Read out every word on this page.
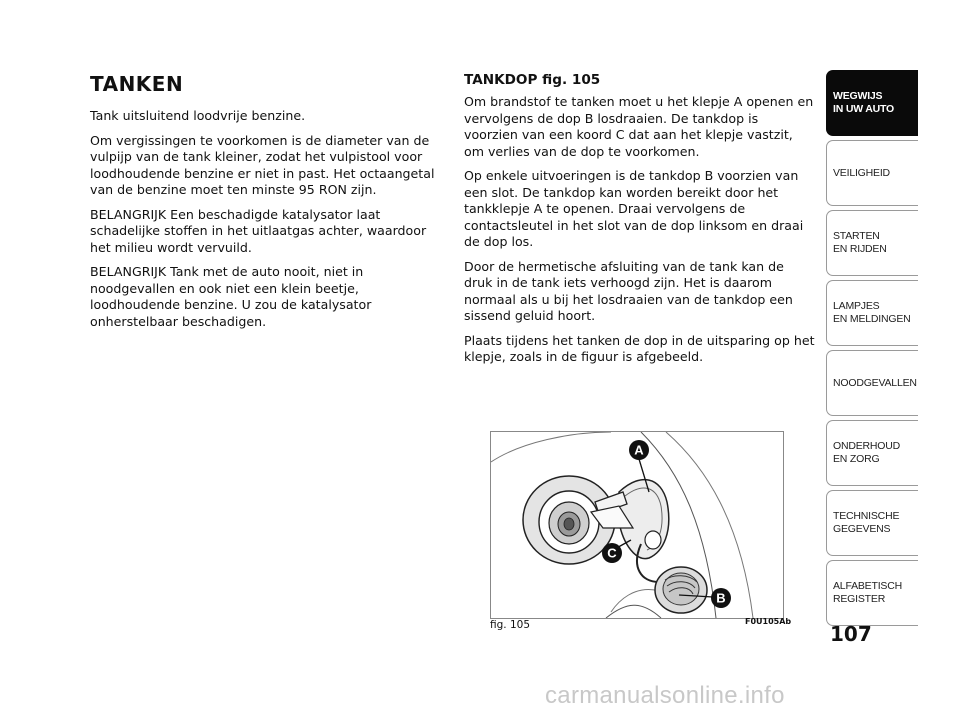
TANKEN

Tank uitsluitend loodvrije benzine.

Om vergissingen te voorkomen is de diameter van de vulpijp van de tank kleiner, zodat het vulpistool voor loodhoudende benzine er niet in past. Het octaangetal van de benzine moet ten minste 95 RON zijn.

BELANGRIJK Een beschadigde katalysator laat schadelijke stoffen in het uitlaatgas achter, waardoor het milieu wordt vervuild.

BELANGRIJK Tank met de auto nooit, niet in noodgevallen en ook niet een klein beetje, loodhoudende benzine. U zou de katalysator onherstelbaar beschadigen.

TANKDOP fig. 105

Om brandstof te tanken moet u het klepje A openen en vervolgens de dop B losdraaien. De tankdop is voorzien van een koord C dat aan het klepje vastzit, om verlies van de dop te voorkomen.

Op enkele uitvoeringen is de tankdop B voorzien van een slot. De tankdop kan worden bereikt door het tankklepje A te openen. Draai vervolgens de contactsleutel in het slot van de dop linksom en draai de dop los.

Door de hermetische afsluiting van de tank kan de druk in de tank iets verhoogd zijn. Het is daarom normaal als u bij het losdraaien van de tankdop een sissend geluid hoort.

Plaats tijdens het tanken de dop in de uitsparing op het klepje, zoals in de figuur is afgebeeld.

A
C
B
fig. 105	F0U105Ab
WEGWIJS
IN UW AUTO
VEILIGHEID
STARTEN
EN RIJDEN
LAMPJES
EN MELDINGEN
NOODGEVALLEN
ONDERHOUD
EN ZORG
TECHNISCHE
GEGEVENS
ALFABETISCH
REGISTER
107
carmanualsonline.info
